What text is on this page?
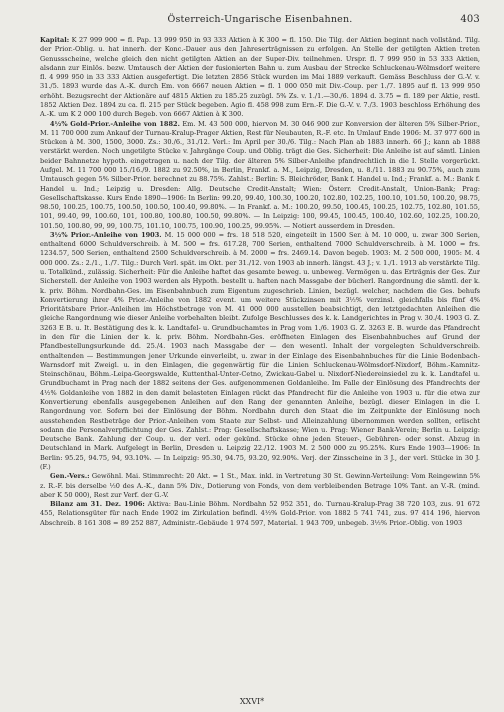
Österreich-Ungarische Eisenbahnen.	403

Kapital: K 27 999 900 = fl. Pap. 13 999 950 in 93 333 Aktien à K 300 = fl. 150. Die Tilg. der Aktien beginnt nach vollständ. Tilg. der Prior.-Oblig. u. hat innerh. der Konc.-Dauer aus den Jahreserträgnissen zu erfolgen. An Stelle der getilgten Aktien treten Genussscheine, welche gleich den nicht getilgten Aktien an der Super-Div. teilnehmen. Urspr. fl. 7 999 950 in 53 333 Aktien, alsdann zur Einlös. bezw. Umtausch der Aktien der fusionierten Bahn u. zum Ausbau der Strecke Schluckenau-Wölmsdorf weitere fl. 4 999 950 in 33 333 Aktien ausgefertigt. Die letzten 2856 Stück wurden im Mai 1889 verkauft. Gemäss Beschluss der G.-V. v. 31./5. 1893 wurde das A.-K. durch Em. von 6667 neuen Aktien = fl. 1 000 050 mit Div.-Coup. per 1./7. 1895 auf fl. 13 999 950 erhöht. Bezugsrecht der Aktionäre auf 4815 Aktien zu 185.25 zuzügl. 5% Zs. v. 1./1.—30./6. 1894 d. 3.75 = fl. 189 per Aktie, restl. 1852 Aktien Dez. 1894 zu ca. fl. 215 per Stück begeben. Agio fl. 458 998 zum Ern.-F. Die G.-V. v. 7./3. 1903 beschloss Erhöhung des A.-K. um K 2 000 100 durch Begeb. von 6667 Aktien à K 300.

4½% Gold-Prior.-Anleihe von 1882. Em. M. 43 500 000, hiervon M. 30 046 900 zur Konversion der älteren 5% Silber-Prior., M. 11 700 000 zum Ankauf der Turnau-Kralup-Prager Aktien, Rest für Neubauten, R.-F. etc. In Umlauf Ende 1906: M. 37 977 600 in Stücken à M. 300, 1500, 3000. Zs.: 30./6., 31./12. Verl.: Im April per 30./6. Tilg.: Nach Plan ab 1883 innerh. 66 J.; kann ab 1888 verstärkt werden. Noch ungetilgte Stücke v. Jahrgänge Coup. und Oblig. trägt die Ges. Sicherheit: Die Anleihe ist auf sämtl. Linien beider Bahnnetze hypoth. eingetragen u. nach der Tilg. der älteren 5% Silber-Anleihe pfandrechtlich in die I. Stelle vorgerückt. Aufgel. M. 11 700 000 15./16./9. 1882 zu 92.50%, in Berlin, Frankf. a. M., Leipzig, Dresden, u. 8./11. 1883 zu 90.75%, auch zum Umtausch gegen 5% Silber-Prior. berechnet zu 88.75%. Zahlst.: Berlin: S. Bleichröder, Bank f. Handel u. Ind.; Frankf. a. M.: Bank f. Handel u. Ind.; Leipzig u. Dresden: Allg. Deutsche Credit-Anstalt; Wien: Österr. Credit-Anstalt, Union-Bank; Prag: Gesellschaftskasse. Kurs Ende 1890—1906: In Berlin: 99.20, 99.40, 100.30, 100.20, 102.80, 102.25, 100.10, 101.50, 100.20, 98.75, 98.50, 100.25, 100.75, 100.50, 100.50, 100.40, 99.80%. — In Frankf. a. M.: 100.20, 99.50, 100.45, 100.25, 102.75, 102.80, 101.55, 101, 99.40, 99, 100.60, 101, 100.80, 100.80, 100.50, 99.80%. — In Leipzig: 100, 99.45, 100.45, 100.40, 102.60, 102.25, 100.20, 101.50, 100.80, 99, 99, 100.75, 101.10, 100.75, 100.90, 100.25, 99.95%. — Notiert ausserdem in Dresden.

3½% Prior.-Anleihe von 1903. M. 15 000 000 = frs. 18 518 520, eingeteilt in 1500 Ser. à M. 10 000, u. zwar 300 Serien, enthaltend 6000 Schuldverschreib. à M. 500 = frs. 617.28, 700 Serien, enthaltend 7000 Schuldverschreib. à M. 1000 = frs. 1234.57, 500 Serien, enthaltend 2500 Schuldverschreib. à M. 2000 = frs. 2469.14. Davon begeb. 1903: M. 2 500 000, 1905: M. 4 000 000. Zs.: 2./1., 1./7. Tilg.: Durch Verl. spät. im Okt. per 31./12. von 1903 ab innerh. längst. 43 J.; v. 1./1. 1913 ab verstärkte Tilg. u. Totalkünd., zulässig. Sicherheit: Für die Anleihe haftet das gesamte beweg. u. unbeweg. Vermögen u. das Erträgnis der Ges. Zur Sicherstell. der Anleihe von 1903 werden als Hypoth. bestellt u. haften nach Massgabe der bücherl. Rangordnung die sämtl. der k. k. priv. Böhm. Nordbahn-Ges. im Eisenbahnbuch zum Eigentum zugeschrieb. Linien, bezügl. welcher, nachdem die Ges. behufs Konvertierung ihrer 4% Prior.-Anleihe von 1882 event. um weitere Stückzinsen mit 3½% verzinsl. gleichfalls bis fünf 4% Prioritätsbare Prior.-Anleihen im Höchstbetrage von M. 41 000 000 ausstellen beabsichtigt, den letztgedachten Anleihen die gleiche Rangordnung wie dieser Anleihe vorbehalten bleibt. Zufolge Beschlusses des k. k. Landgerichtes in Prag v. 30./4. 1903 G. Z. 3263 E B. u. It. Bestätigung des k. k. Landtafel- u. Grundbuchamtes in Prag vom 1./6. 1903 G. Z. 3263 E. B. wurde das Pfandrecht in den für die Linien der k. k. priv. Böhm. Nordbahn-Ges. eröffneten Einlagen des Eisenbahnbuches auf Grund der Pfandbestellungsurkunde dd. 25./4. 1903 nach Massgabe der — den wesentl. Inhalt der vorgelegten Schuldverschreib. enthaltenden — Bestimmungen jener Urkunde einverleibt, u. zwar in der Einlage des Eisenbahnbuches für die Linie Bodenbach-Warnsdorf mit Zweigl. u. in den Einlagen, die gegenwärtig für die Linien Schluckenau-Wölmsdorf-Nixdorf, Böhm.-Kamnitz-Steinschönau, Böhm.-Leipa-Georgswalde, Kuttenthal-Unter-Cetno, Zwickau-Gabel u. Nixdorf-Niedereinsiedel zu k. k. Landtafel u. Grundbuchamt in Prag nach der 1882 seitens der Ges. aufgenommenen Goldanleihe. Im Falle der Einlösung des Pfandrechts der 4½% Goldanleihe von 1882 in den damit belasteten Einlagen rückt das Pfandrecht für die Anleihe von 1903 u. für die etwa zur Konvertierung ebenfalls ausgegebenen Anleihen auf den Rang der genannten Anleihe, bezügl. dieser Einlagen in die I. Rangordnung vor. Sofern bei der Einlösung der Böhm. Nordbahn durch den Staat die im Zeitpunkte der Einlösung noch ausstehenden Restbeträge der Prior.-Anleihen vom Staate zur Selbst- und Alleinzahlung übernommen werden sollten, erlischt sodann die Personalverpflichtung der Ges. Zahlst.: Prag: Gesellschaftskasse; Wien u. Prag: Wiener Bank-Verein; Berlin u. Leipzig: Deutsche Bank. Zahlung der Coup. u. der verl. oder gekünd. Stücke ohne jeden Steuer-, Gebühren- oder sonst. Abzug in Deutschland in Mark. Aufgelegt in Berlin, Dresden u. Leipzig 22./12. 1903 M. 2 500 000 zu 95.25%. Kurs Ende 1903—1906: In Berlin: 95.25, 94.75, 94, 93.10%. — In Leipzig: 95.30, 94.75, 93.20, 92.90%. Verj. der Zinsscheine in 3 J., der verl. Stücke in 30 J. (F.)

Gen.-Vers.: Gewöhnl. Mai. Stimmrecht: 20 Akt. = 1 St., Max. inkl. in Vertretung 30 St. Gewinn-Verteilung: Vom Reingewinn 5% z. R.-F. bis derselbe ½0 des A.-K., dann 5% Div., Dotierung von Fonds, von dem verbleibenden Betrage 10% Tant. an V.-R. (mind. aber K 50 000), Rest zur Verf. der G.-V.

Bilanz am 31. Dez. 1906: Aktiva: Bau-Linie Böhm. Nordbahn 52 952 351, do. Turnau-Kralup-Prag 38 720 103, zus. 91 672 455, Relationsgüter für nach Ende 1902 im Zirkulation befindl. 4½% Gold-Prior. von 1882 5 741 741, zus. 97 414 196, hiervon Abschreib. 8 161 308 = 89 252 887, Administr.-Gebäude 1 974 597, Material. 1 943 709, unbegeb. 3½% Prior.-Oblig. von 1903

XXVI*
